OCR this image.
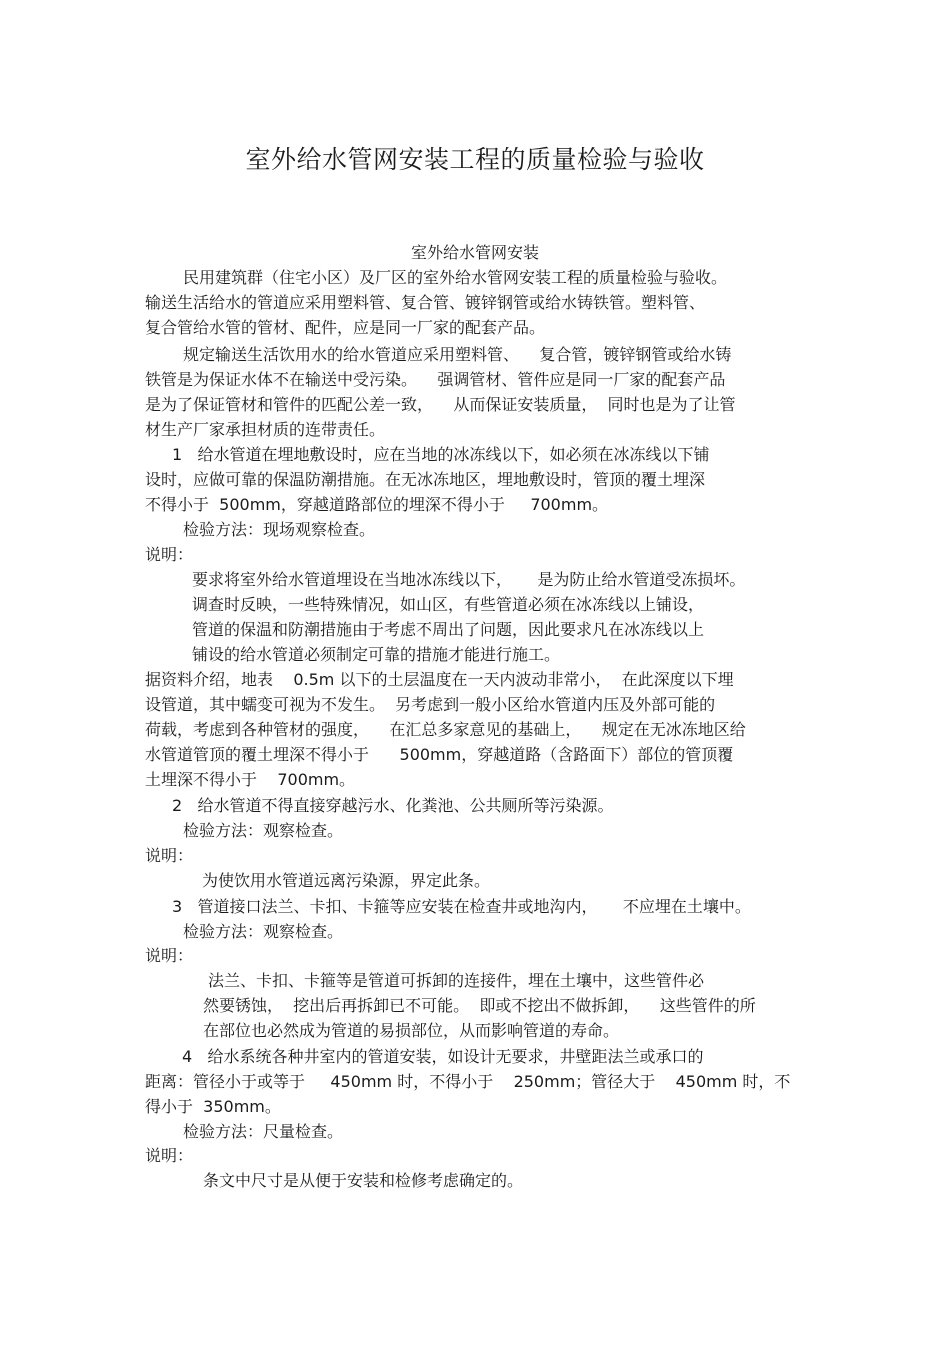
室外给水管网安装工程的质量检验与验收
室外给水管网安装
民用建筑群（住宅小区）及厂区的室外给水管网安装工程的质量检验与验收。
输送生活给水的管道应采用塑料管、复合管、镀锌钢管或给水铸铁管。塑料管、
复合管给水管的管材、配件，应是同一厂家的配套产品。
规定输送生活饮用水的给水管道应采用塑料管、    复合管，镀锌钢管或给水铸
铁管是为保证水体不在输送中受污染。    强调管材、管件应是同一厂家的配套产品
是为了保证管材和管件的匹配公差一致，    从而保证安装质量，  同时也是为了让管
材生产厂家承担材质的连带责任。
1   给水管道在埋地敷设时，应在当地的冰冻线以下，如必须在冰冻线以下铺
设时，应做可靠的保温防潮措施。在无冰冻地区，埋地敷设时，管顶的覆土埋深
不得小于  500mm，穿越道路部位的埋深不得小于     700mm。
检验方法：现场观察检查。
说明：
要求将室外给水管道埋设在当地冰冻线以下，     是为防止给水管道受冻损坏。
调查时反映，一些特殊情况，如山区，有些管道必须在冰冻线以上铺设，
管道的保温和防潮措施由于考虑不周出了问题，因此要求凡在冰冻线以上
铺设的给水管道必须制定可靠的措施才能进行施工。
据资料介绍，地表    0.5m 以下的土层温度在一天内波动非常小，  在此深度以下埋
设管道，其中蠕变可视为不发生。  另考虑到一般小区给水管道内压及外部可能的
荷载，考虑到各种管材的强度，    在汇总多家意见的基础上，    规定在无冰冻地区给
水管道管顶的覆土埋深不得小于      500mm，穿越道路（含路面下）部位的管顶覆
土埋深不得小于    700mm。
2   给水管道不得直接穿越污水、化粪池、公共厕所等污染源。
检验方法：观察检查。
说明：
为使饮用水管道远离污染源，界定此条。
3   管道接口法兰、卡扣、卡箍等应安装在检查井或地沟内，     不应埋在土壤中。
检验方法：观察检查。
说明：
法兰、卡扣、卡箍等是管道可拆卸的连接件，埋在土壤中，这些管件必
然要锈蚀，  挖出后再拆卸已不可能。  即或不挖出不做拆卸，    这些管件的所
在部位也必然成为管道的易损部位，从而影响管道的寿命。
4   给水系统各种井室内的管道安装，如设计无要求，井壁距法兰或承口的
距离：管径小于或等于     450mm 时，不得小于    250mm；管径大于    450mm 时，不
得小于  350mm。
检验方法：尺量检查。
说明：
条文中尺寸是从便于安装和检修考虑确定的。
